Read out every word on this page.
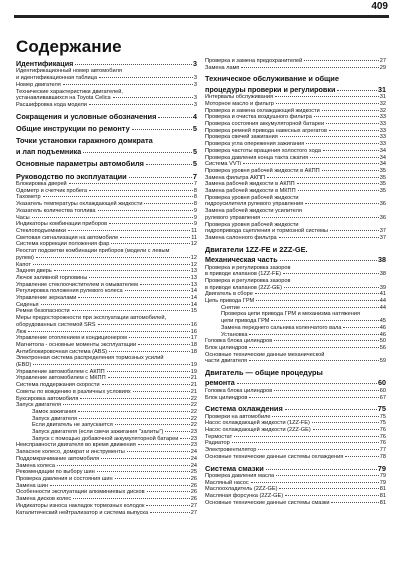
409
Содержание
Идентификация	3
Идентификационный номер автомобиля
и идентификационная таблица	3
Номер двигателя	3
Технические характеристики двигателей,
устанавливавшихся на Toyota Celica	3
Расшифровка кода модели	3
Сокращения и условные обозначения	4
Общие инструкции по ремонту	5
Точки установки гаражного домкрата
и лап подъемника	5
Основные параметры автомобиля	5
Руководство по эксплуатации	7
Блокировка дверей	7
Одометр и счетчик пробега	8
Тахометр	8
Указатель температуры охлаждающей жидкости	8
Указатель количества топлива	9
Часы	9
Индикаторы комбинации приборов	9
Стеклоподъемники	11
Световая сигнализация на автомобиле	11
Система коррекции положения фар	12
Реостат подсветки комбинации приборов (модели с левым
рулем)	12
Капот	12
Задняя дверь	13
Лючок заливной горловины	13
Управление стеклоочистителем и омывателем	13
Регулировка положения рулевого колеса	14
Управление зеркалами	14
Сиденья	14
Ремни безопасности	15
Меры предосторожности при эксплуатации автомобилей,
оборудованных системой SRS	16
Люк	16
Управление отоплением и кондиционером	17
Магнитола - основные моменты эксплуатации	18
Антиблокировочная система (ABS)	18
Электронная система распределения тормозных усилий
(EBD)	19
Управление автомобилем с АКПП	19
Управление автомобилем с МКПП	21
Система поддержания скорости	21
Советы по вождению в различных условиях	21
Буксировка автомобиля	22
Запуск двигателя	22
Замок зажигания	22
Запуск двигателя	22
Если двигатель не запускается	22
Запуск двигателя (если свечи зажигания "залиты")	23
Запуск с помощью добавочной аккумуляторной батареи 23
Неисправности двигателя во время движения	23
Запасное колесо, домкрат и инструменты	24
Поддомкрачивание автомобиля	24
Замена колеса	24
Рекомендации по выбору шин	25
Проверка давления и состояния шин	26
Замена шин	26
Особенности эксплуатации алюминиевых дисков	26
Замена дисков колес	26
Индикаторы износа накладок тормозных колодок	27
Каталитический нейтрализатор и система выпуска	27
Проверка и замена предохранителей	27
Замена ламп	29
Техническое обслуживание и общие
процедуры проверки и регулировки	31
Интервалы обслуживания	31
Моторное масло и фильтр	32
Проверка и замена охлаждающей жидкости	32
Проверка и очистка воздушного фильтра	33
Проверка состояния аккумуляторной батареи	33
Проверка ремней привода навесных агрегатов	33
Проверка свечей зажигания	33
Проверка угла опережения зажигания	33
Проверка частоты вращения холостого хода	34
Проверка давления конца такта сжатия	34
Система VVTi	34
Проверка уровня рабочей жидкости в АКПП	35
Замена фильтра АКПП	35
Замена рабочей жидкости в АКПП	35
Замена рабочей жидкости в МКПП	35
Проверка уровня рабочей жидкости
гидроусилителя рулевого управления	36
Замена рабочей жидкости усилителя
рулевого управления	36
Проверка уровня рабочей жидкости
гидропривода сцепления и тормозной системы	37
Замена салонного фильтра	37
Двигатели 1ZZ-FE и 2ZZ-GE.
Механическая часть	38
Проверка и регулировка зазоров
в приводе клапанов (1ZZ-FE)	38
Проверка и регулировка зазоров
в приводе клапанов (2ZZ-GE)	39
Двигатель в сборе	41
Цепь привода ГРМ	44
Снятие	44
Проверка цепи привода ГРМ и механизма натяжения
цепи привода ГРМ	45
Замена переднего сальника коленчатого вала	46
Установка	46
Головка блока цилиндров	50
Блок цилиндров	56
Основные технические данные механической
части двигателя	59
Двигатель — общие процедуры
ремонта	60
Головка блока цилиндров	60
Блок цилиндров	67
Система охлаждения	75
Проверки на автомобиле	75
Насос охлаждающей жидкости (1ZZ-FE)	75
Насос охлаждающей жидкости (2ZZ-GE)	76
Термостат	76
Радиатор	76
Электровентилятор	77
Основные технические данные системы охлаждения	78
Система смазки	79
Проверка давления масла	79
Масляный насос	79
Маслоохладитель (2ZZ-GE)	81
Масляная форсунка (2ZZ-GE)	81
Основные технические данные системы смазки	81
